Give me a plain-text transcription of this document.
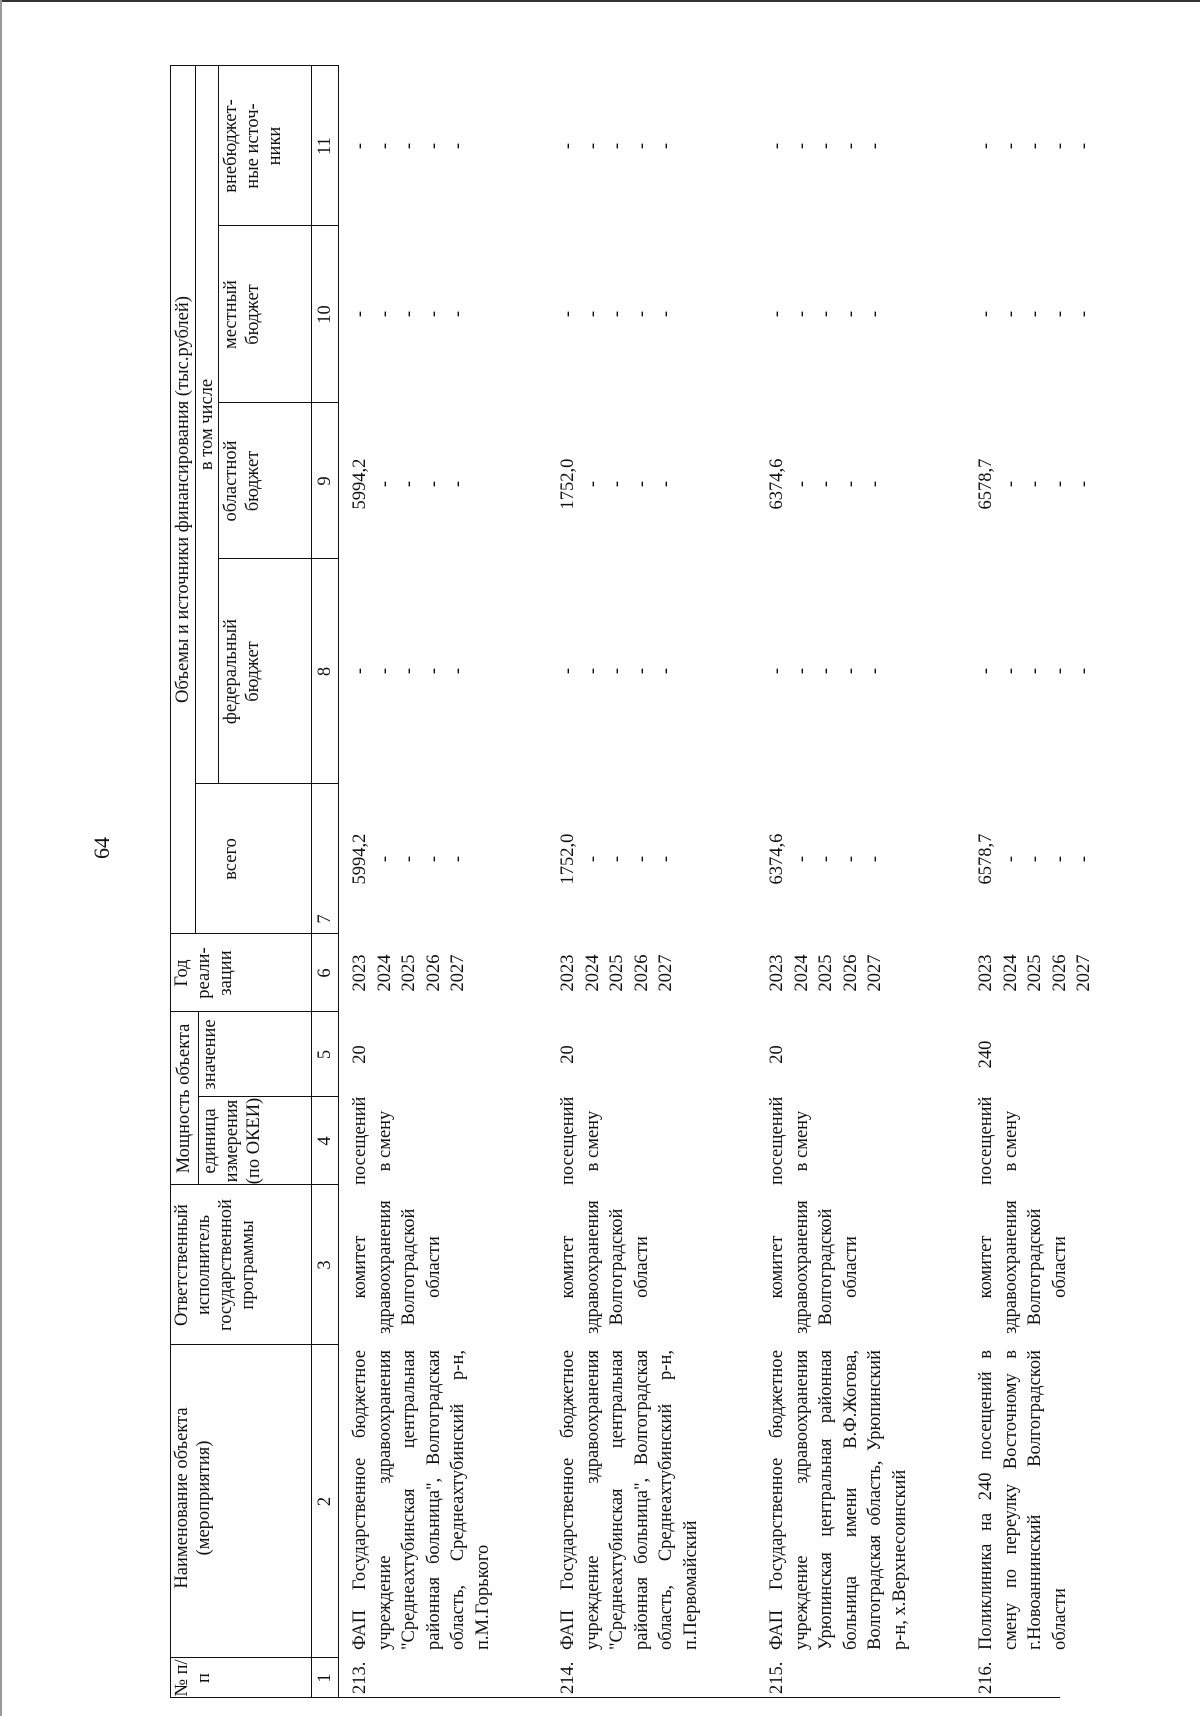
64
№ п/п
Наименование объекта (мероприятия)
Ответственный исполнитель государственной программы
Мощность объекта единица измерения (по ОКЕИ)
значение
Год реали-зации
Объемы и источники финансирования (тыс.рублей)
всего
в том числе
федеральный бюджет
областной бюджет
местный бюджет
внебюджет-ные источ-ники
1
2
3
4
5
6
7
8
9
10
11
213.
ФАП Государственное бюджетное учреждение здравоохранения "Среднеахтубинская центральная районная больница", Волгоградская область, Среднеахтубинский р-н, п.М.Горького
комитет здравоохранения Волгоградской области
посещений в смену
20
2023 2024 2025 2026 2027
5994,2 - - - -
- - - - -
5994,2 - - - -
- - - - -
- - - - -
214.
ФАП Государственное бюджетное учреждение здравоохранения "Среднеахтубинская центральная районная больница", Волгоградская область, Среднеахтубинский р-н, п.Первомайский
комитет здравоохранения Волгоградской области
посещений в смену
20
2023 2024 2025 2026 2027
1752,0 - - - -
- - - - -
1752,0 - - - -
- - - - -
- - - - -
215.
ФАП Государственное бюджетное учреждение здравоохранения Урюпинская центральная районная больница имени В.Ф.Жогова, Волгоградская область, Урюпинский р-н, х.Верхнесоинский
комитет здравоохранения Волгоградской области
посещений в смену
20
2023 2024 2025 2026 2027
6374,6 - - - -
- - - - -
6374,6 - - - -
- - - - -
- - - - -
216.
Поликлиника на 240 посещений в смену по переулку Восточному в г.Новоаннинский Волгоградской области
комитет здравоохранения Волгоградской области
посещений в смену
240
2023 2024 2025 2026 2027
6578,7 - - - -
- - - - -
6578,7 - - - -
- - - - -
- - - - -
